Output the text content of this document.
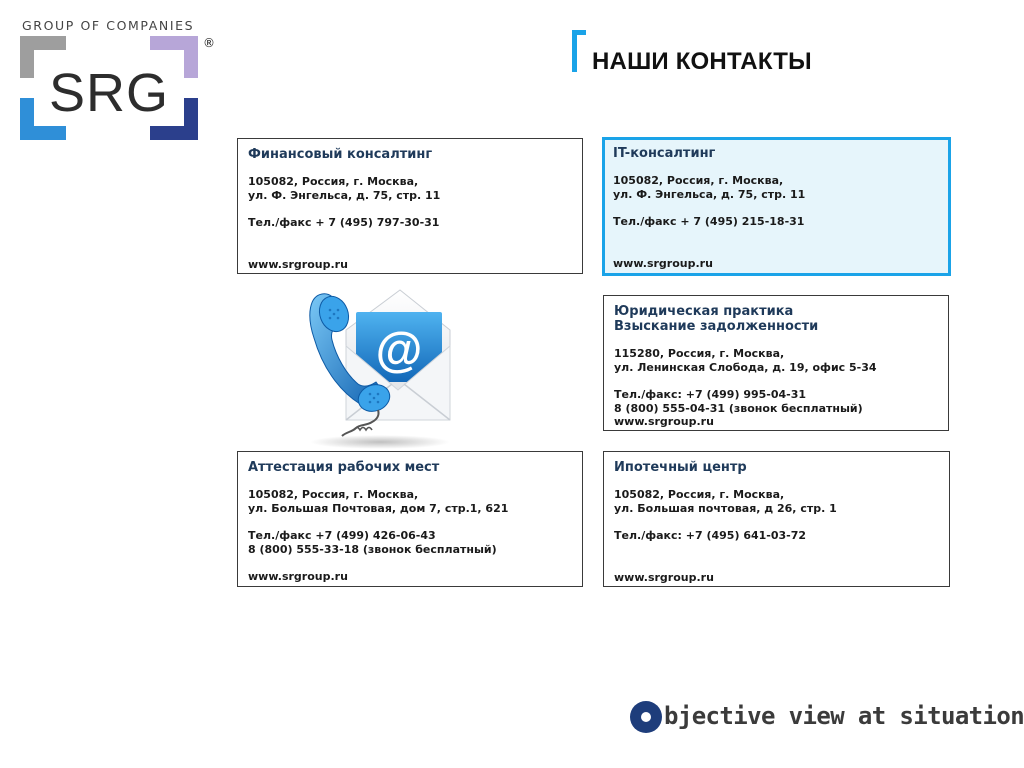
GROUP OF COMPANIES
SRG
®
НАШИ КОНТАКТЫ
Финансовый консалтинг
105082, Россия, г. Москва,
ул. Ф. Энгельса, д. 75, стр. 11
Тел./факс + 7 (495) 797-30-31
www.srgroup.ru
IT-консалтинг
105082, Россия, г. Москва,
ул. Ф. Энгельса, д. 75, стр. 11
Тел./факс + 7 (495) 215-18-31
www.srgroup.ru
Юридическая практика
Взыскание задолженности
115280, Россия, г. Москва,
ул. Ленинская Слобода, д. 19, офис 5-34
Тел./факс: +7 (499) 995-04-31
8 (800) 555-04-31 (звонок бесплатный)
www.srgroup.ru
Аттестация рабочих мест
105082, Россия, г. Москва,
ул. Большая Почтовая, дом 7, стр.1, 621
Тел./факс +7 (499) 426-06-43
8 (800) 555-33-18 (звонок бесплатный)
www.srgroup.ru
Ипотечный центр
105082, Россия, г. Москва,
ул. Большая почтовая, д 26, стр. 1
Тел./факс: +7 (495) 641-03-72
www.srgroup.ru
@
bjective view at situation
